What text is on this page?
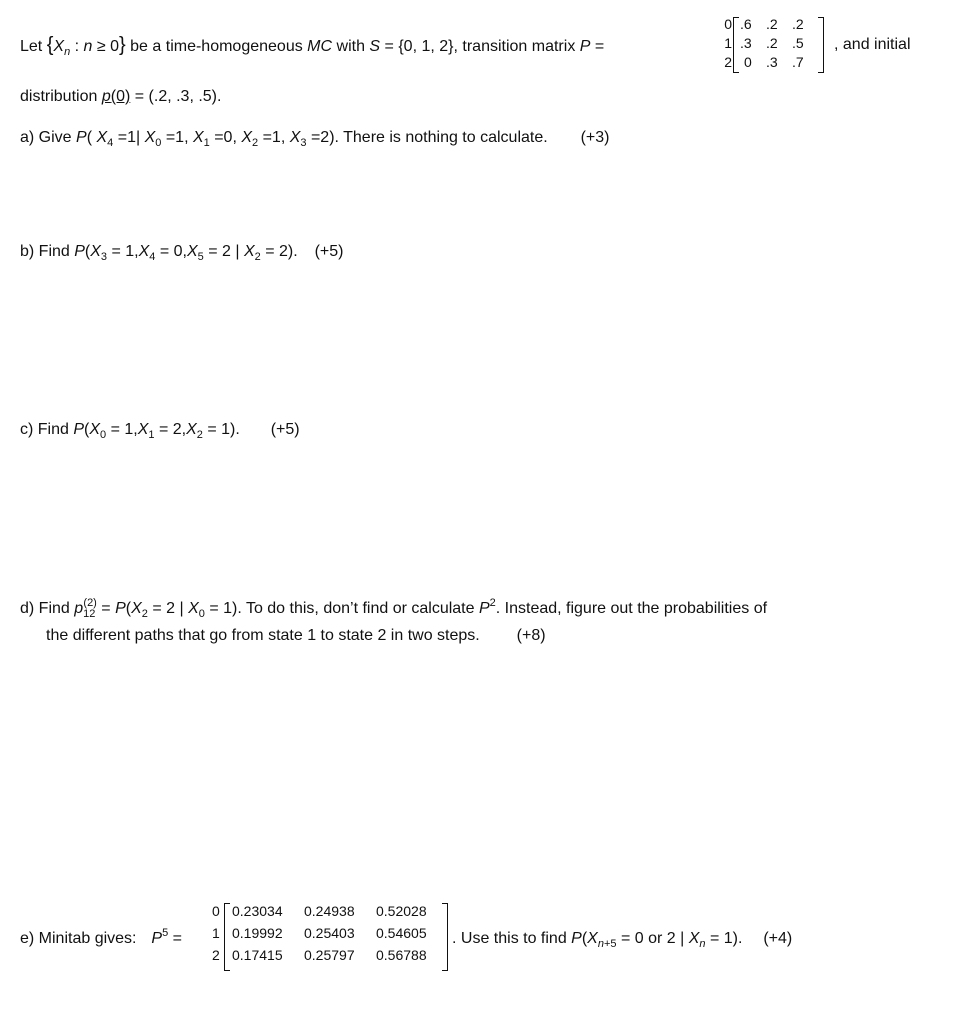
Let {$X_n$ : n ≥ 0} be a time-homogeneous MC with S = {0, 1, 2}, transition matrix P =
0
1
2
.6 .2 .2
.3 .2 .5
0 .3 .7
, and initial
distribution p(0) = (.2, .3, .5).
a) Give P( $X_4 =1|$ $X_0 =1$, $X_1 =0$, $X_2 =1$, $X_3 =2$). There is nothing to calculate. (+3)
b) Find $P(X_3 = 1,X_4 = 0,X_5 = 2$ | $X_2 = 2$).  (+5)
c) Find $P(X_0 = 1,X_1 = 2,X_2 = 1)$.  (+5)
d) Find $p_{12}^{(2)} = P(X_2 = 2$ | $X_0 = 1$). To do this, don’t find or calculate $P^2$. Instead, figure out the probabilities of
the different paths that go from state 1 to state 2 in two steps. (+8)
e) Minitab gives: $P^5$ =
0
1
2
0.23034 0.24938 0.52028
0.19992 0.25403 0.54605
0.17415 0.25797 0.56788
. Use this to find $P(X_{n+5} = 0$ or 2 | $X_n = 1$).  (+4)
